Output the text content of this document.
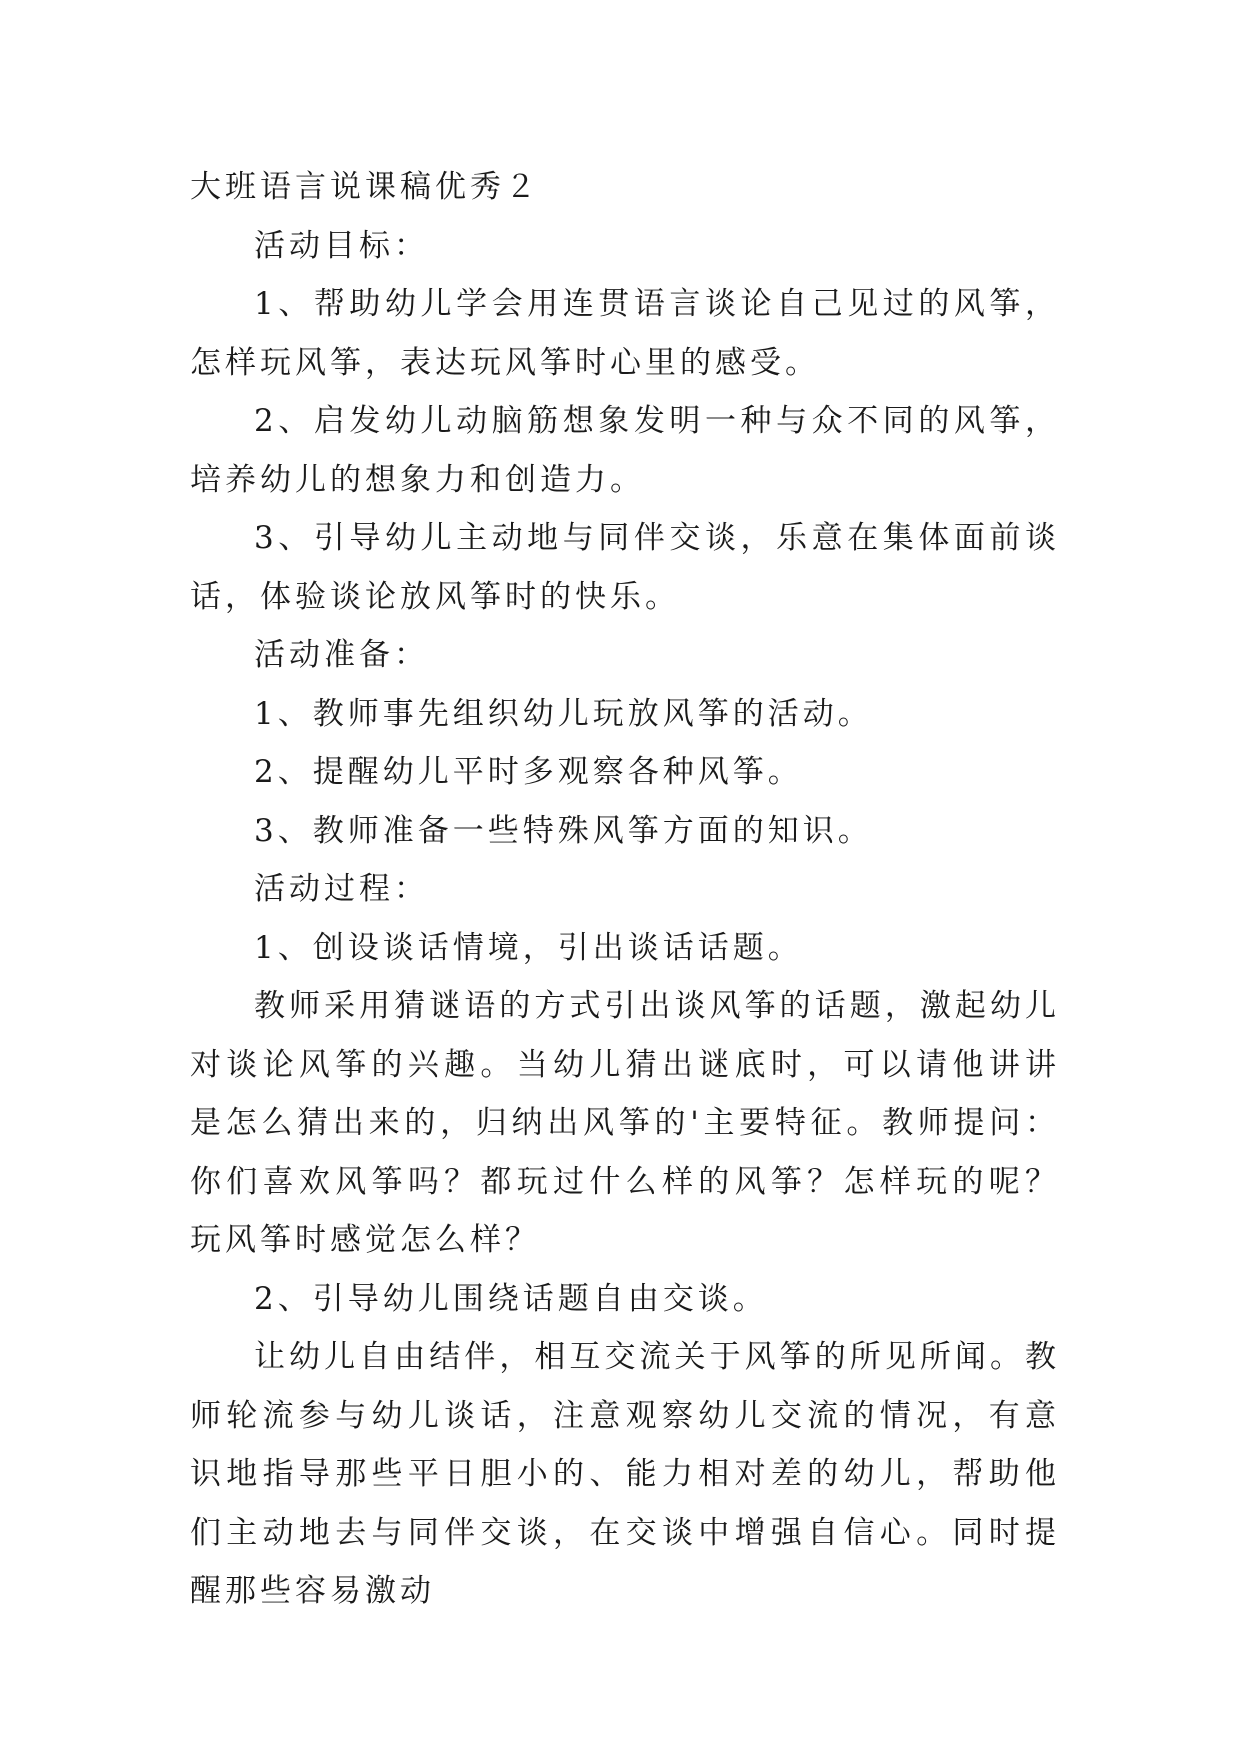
大班语言说课稿优秀２

活动目标：

1、帮助幼儿学会用连贯语言谈论自己见过的风筝，怎样玩风筝，表达玩风筝时心里的感受。

2、启发幼儿动脑筋想象发明一种与众不同的风筝，培养幼儿的想象力和创造力。

3、引导幼儿主动地与同伴交谈，乐意在集体面前谈话，体验谈论放风筝时的快乐。

活动准备：

1、教师事先组织幼儿玩放风筝的活动。

2、提醒幼儿平时多观察各种风筝。

3、教师准备一些特殊风筝方面的知识。

活动过程：

1、创设谈话情境，引出谈话话题。

教师采用猜谜语的方式引出谈风筝的话题，激起幼儿对谈论风筝的兴趣。当幼儿猜出谜底时，可以请他讲讲是怎么猜出来的，归纳出风筝的'主要特征。教师提问：你们喜欢风筝吗？都玩过什么样的风筝？怎样玩的呢？玩风筝时感觉怎么样？

2、引导幼儿围绕话题自由交谈。

让幼儿自由结伴，相互交流关于风筝的所见所闻。教师轮流参与幼儿谈话，注意观察幼儿交流的情况，有意识地指导那些平日胆小的、能力相对差的幼儿，帮助他们主动地去与同伴交谈，在交谈中增强自信心。同时提醒那些容易激动
